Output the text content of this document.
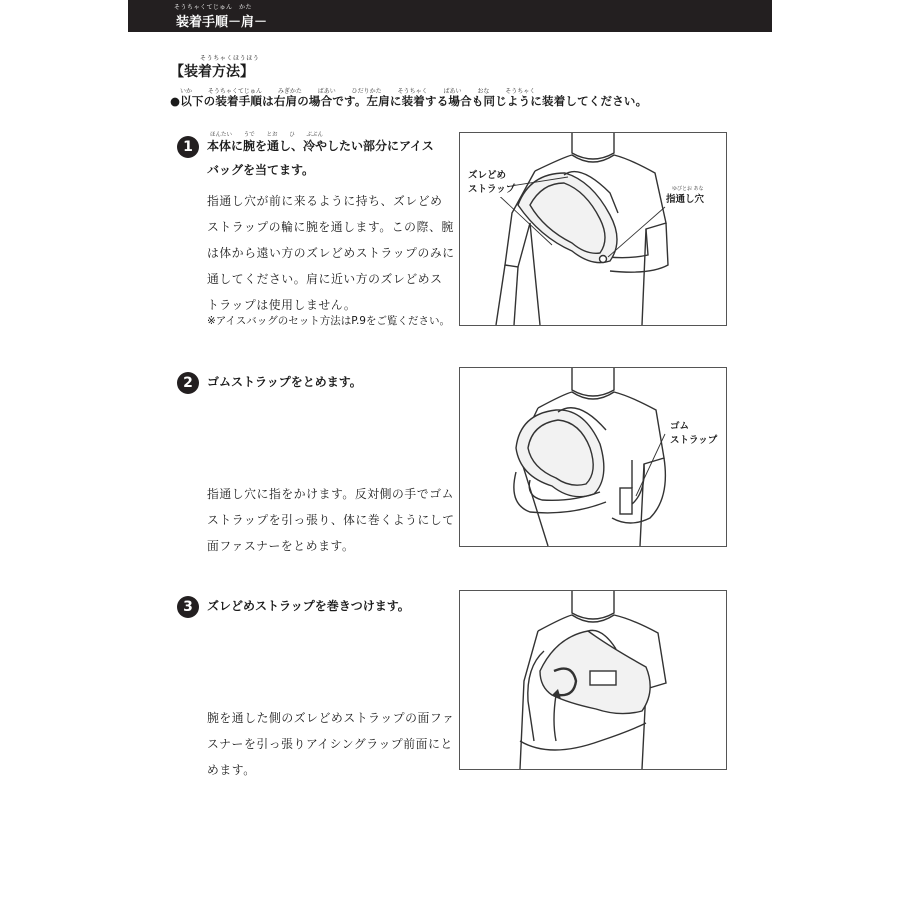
そうちゃくてじゅん　かた
装着手順－肩－
そうちゃくほうほう
【装着方法】
いか そうちゃくてじゅん みぎかた ばあい ひだりかた そうちゃく ばあい おな そうちゃく
●以下の装着手順は右肩の場合です。左肩に装着する場合も同じように装着してください。
1
ほんたい うで とお ひ ぶぶん
本体に腕を通し、冷やしたい部分にアイス
バッグを当てます。
指通し穴が前に来るように持ち、ズレどめ
ストラップの輪に腕を通します。この際、腕
は体から遠い方のズレどめストラップのみに
通してください。肩に近い方のズレどめス
トラップは使用しません。
※アイスバッグのセット方法はP.9をご覧ください。
ズレどめ
ストラップ	ゆびとお あな
指通し穴
2	ゴムストラップをとめます。
指通し穴に指をかけます。反対側の手でゴム
ストラップを引っ張り、体に巻くようにして
面ファスナーをとめます。
ゴム
ストラップ
3	ズレどめストラップを巻きつけます。
腕を通した側のズレどめストラップの面ファ
スナーを引っ張りアイシングラップ前面にと
めます。
